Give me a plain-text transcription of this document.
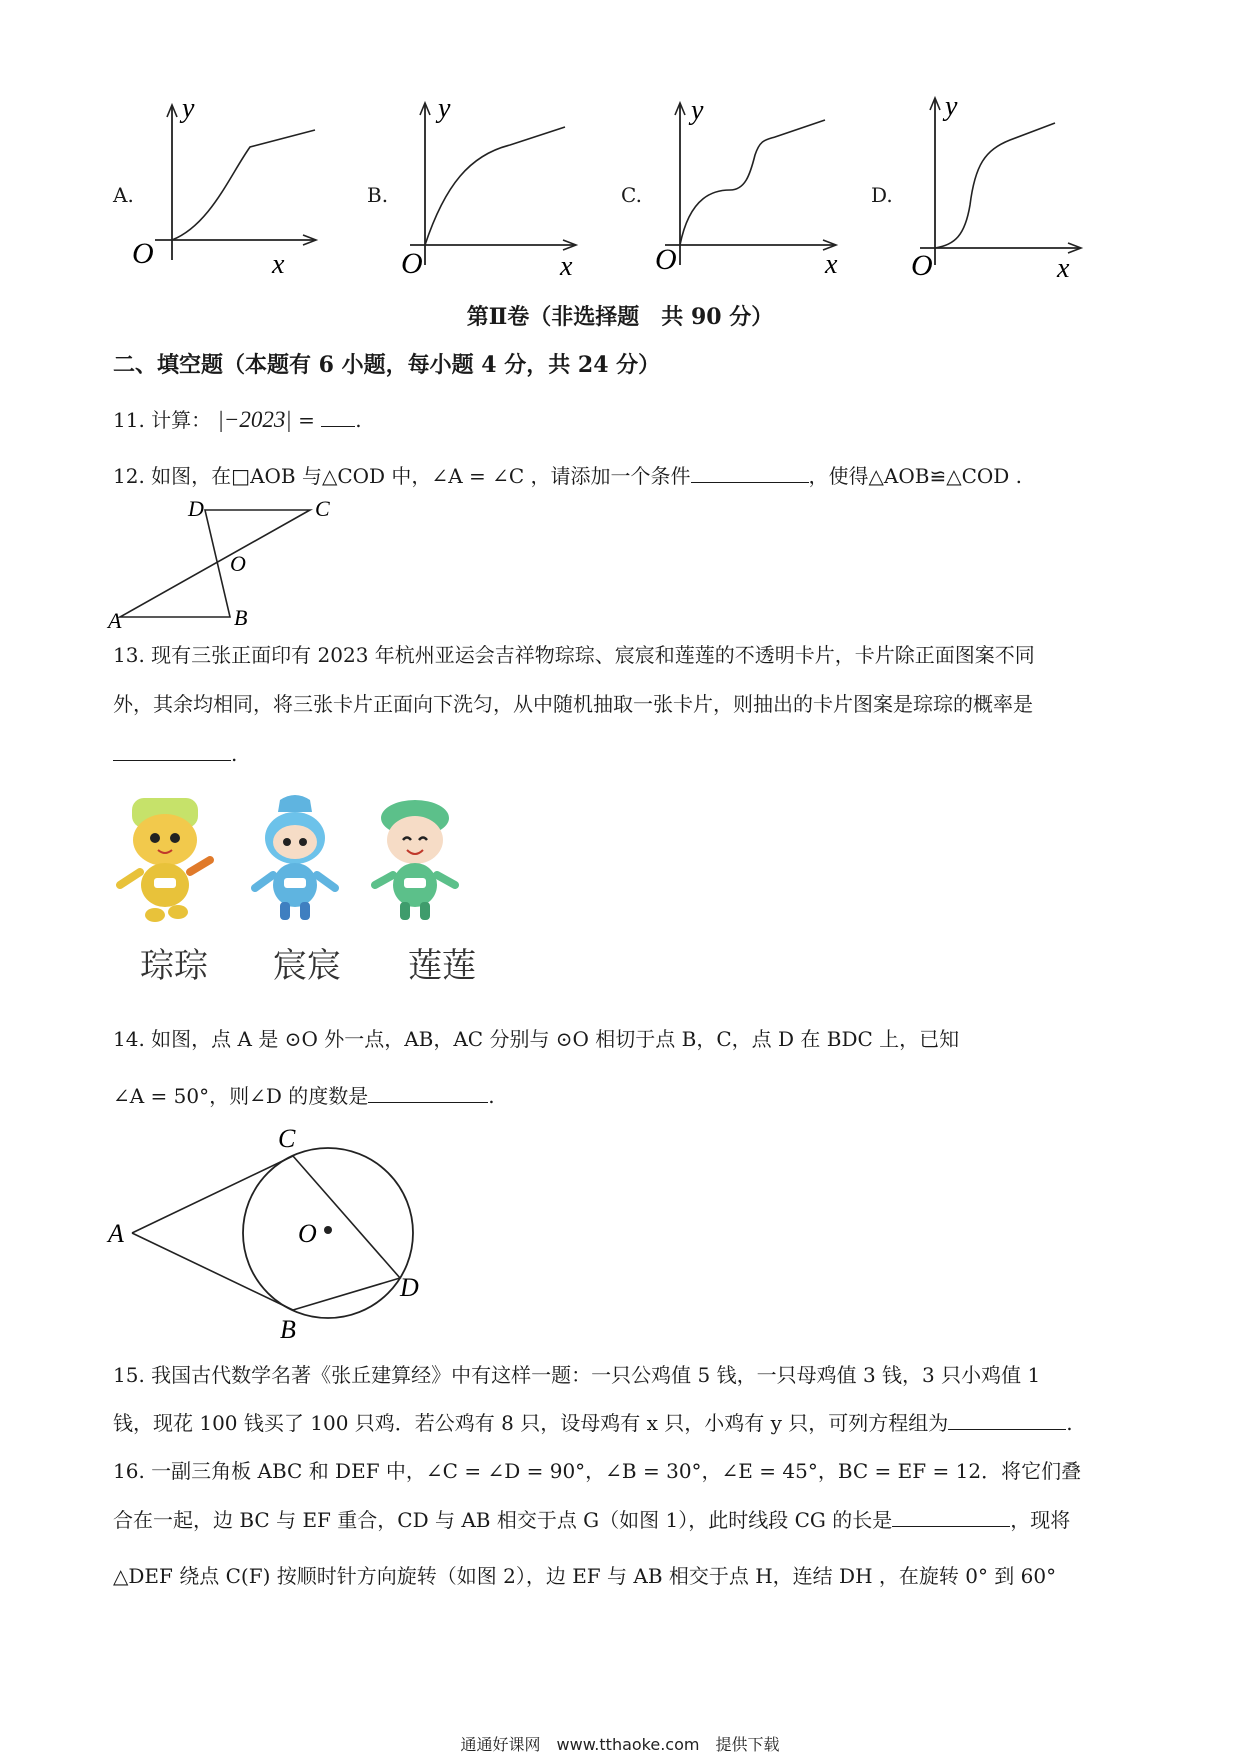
A.
O	x
y
B.
O	x
y
C.
O	x
y
D.
O	x
y
第Ⅱ卷（非选择题　共 90 分）
二、填空题（本题有 6 小题，每小题 4 分，共 24 分）
11. 计算： |−2023| = .
12. 如图，在□AOB 与△COD 中，∠A = ∠C ，请添加一个条件	，使得△AOB≌△COD .
D	C
O
A	B
13. 现有三张正面印有 2023 年杭州亚运会吉祥物琮琮、宸宸和莲莲的不透明卡片，卡片除正面图案不同
外，其余均相同，将三张卡片正面向下洗匀，从中随机抽取一张卡片，则抽出的卡片图案是琮琮的概率是
.
琮琮 宸宸 莲莲
14. 如图，点 A 是 ⊙O 外一点，AB，AC 分别与 ⊙O 相切于点 B，C，点 D 在 BDC 上，已知
∠A = 50°，则∠D 的度数是	.
A
C
O
D
B
15. 我国古代数学名著《张丘建算经》中有这样一题：一只公鸡值 5 钱，一只母鸡值 3 钱，3 只小鸡值 1
钱，现花 100 钱买了 100 只鸡．若公鸡有 8 只，设母鸡有 x 只，小鸡有 y 只，可列方程组为	.
16. 一副三角板 ABC 和 DEF 中，∠C = ∠D = 90°，∠B = 30°，∠E = 45°，BC = EF = 12．将它们叠
合在一起，边 BC 与 EF 重合，CD 与 AB 相交于点 G（如图 1），此时线段 CG 的长是	，现将
△DEF 绕点 C(F) 按顺时针方向旋转（如图 2），边 EF 与 AB 相交于点 H，连结 DH ，在旋转 0° 到 60°
通通好课网　www.tthaoke.com　提供下载
